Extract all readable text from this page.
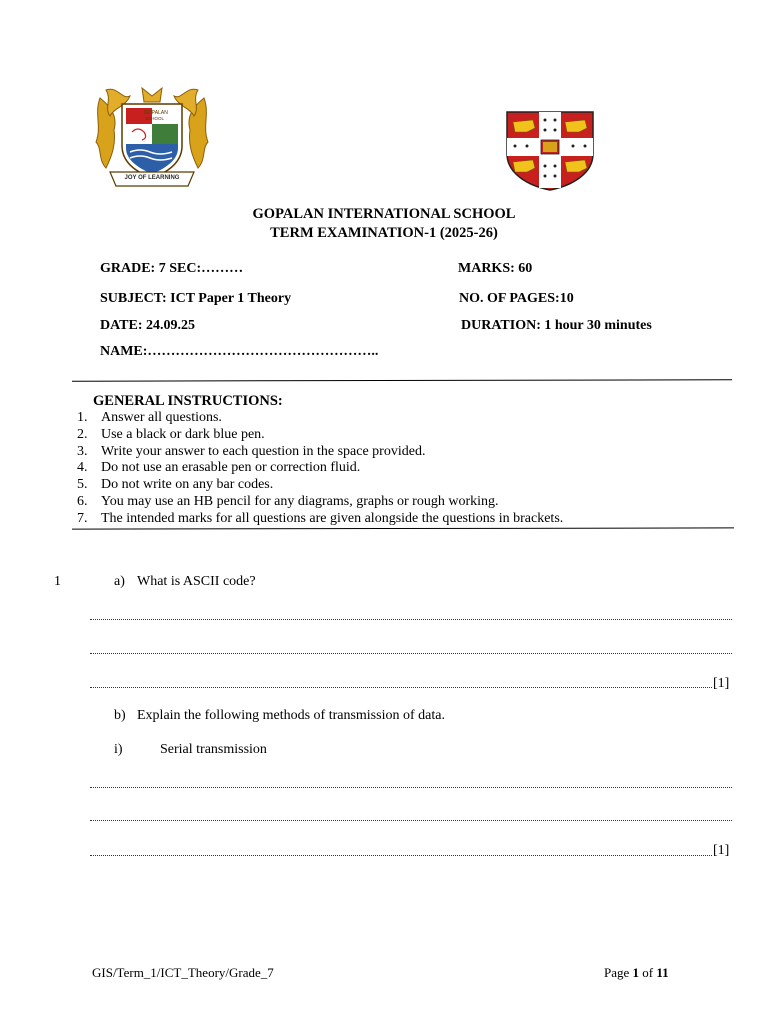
GOPALAN
SCHOOL
JOY OF LEARNING
GOPALAN INTERNATIONAL SCHOOL
TERM EXAMINATION-1 (2025-26)
GRADE: 7 SEC:………	MARKS: 60
SUBJECT: ICT Paper 1 Theory	NO. OF PAGES:10
DATE: 24.09.25	DURATION: 1 hour 30 minutes
NAME:…………………………………………..
GENERAL INSTRUCTIONS:
1. Answer all questions.
2. Use a black or dark blue pen.
3. Write your answer to each question in the space provided.
4. Do not use an erasable pen or correction fluid.
5. Do not write on any bar codes.
6. You may use an HB pencil for any diagrams, graphs or rough working.
7. The intended marks for all questions are given alongside the questions in brackets.
1	a) What is ASCII code?
[1]
b) Explain the following methods of transmission of data.
i)	Serial transmission
[1]
GIS/Term_1/ICT_Theory/Grade_7	Page 1 of 11
